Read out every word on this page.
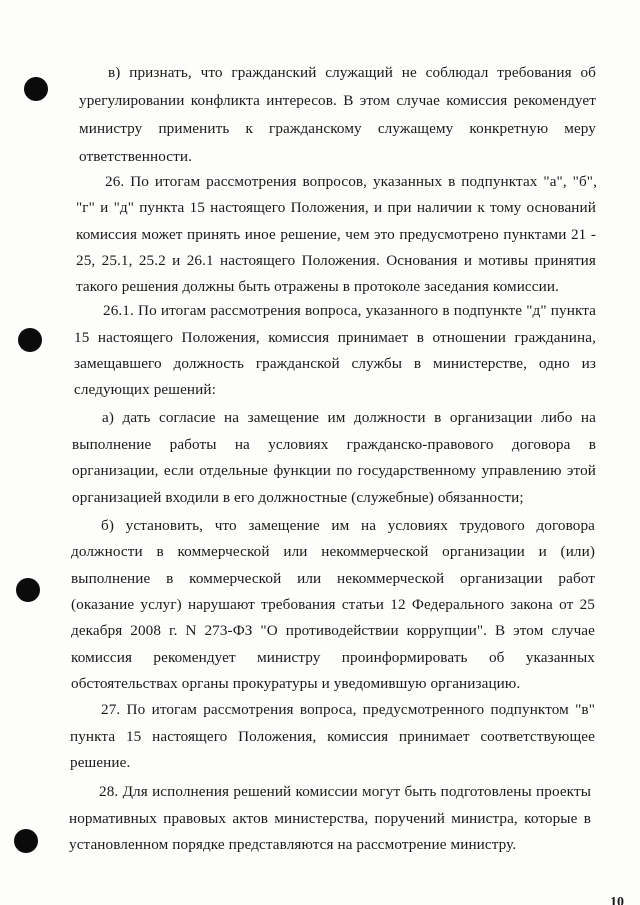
в) признать, что гражданский служащий не соблюдал требования об
урегулировании конфликта интересов. В этом случае комиссия рекомендует
министру применить к гражданскому служащему конкретную меру
ответственности.
26. По итогам рассмотрения вопросов, указанных в подпунктах "а", "б",
"г" и "д" пункта 15 настоящего Положения, и при наличии к тому оснований
комиссия может принять иное решение, чем это предусмотрено пунктами 21 -
25, 25.1, 25.2 и 26.1 настоящего Положения. Основания и мотивы принятия
такого решения должны быть отражены в протоколе заседания комиссии.
26.1. По итогам рассмотрения вопроса, указанного в подпункте "д" пункта
15 настоящего Положения, комиссия принимает в отношении гражданина,
замещавшего должность гражданской службы в министерстве, одно из
следующих решений:
а) дать согласие на замещение им должности в организации либо на
выполнение работы на условиях гражданско-правового договора в
организации, если отдельные функции по государственному управлению этой
организацией входили в его должностные (служебные) обязанности;
б) установить, что замещение им на условиях трудового договора
должности в коммерческой или некоммерческой организации и (или)
выполнение в коммерческой или некоммерческой организации работ
(оказание услуг) нарушают требования статьи 12 Федерального закона от 25
декабря 2008 г. N 273-ФЗ "О противодействии коррупции". В этом случае
комиссия рекомендует министру проинформировать об указанных
обстоятельствах органы прокуратуры и уведомившую организацию.
27. По итогам рассмотрения вопроса, предусмотренного подпунктом "в"
пункта 15 настоящего Положения, комиссия принимает соответствующее
решение.
28. Для исполнения решений комиссии могут быть подготовлены проекты
нормативных правовых актов министерства, поручений министра, которые в
установленном порядке представляются на рассмотрение министру.
10
